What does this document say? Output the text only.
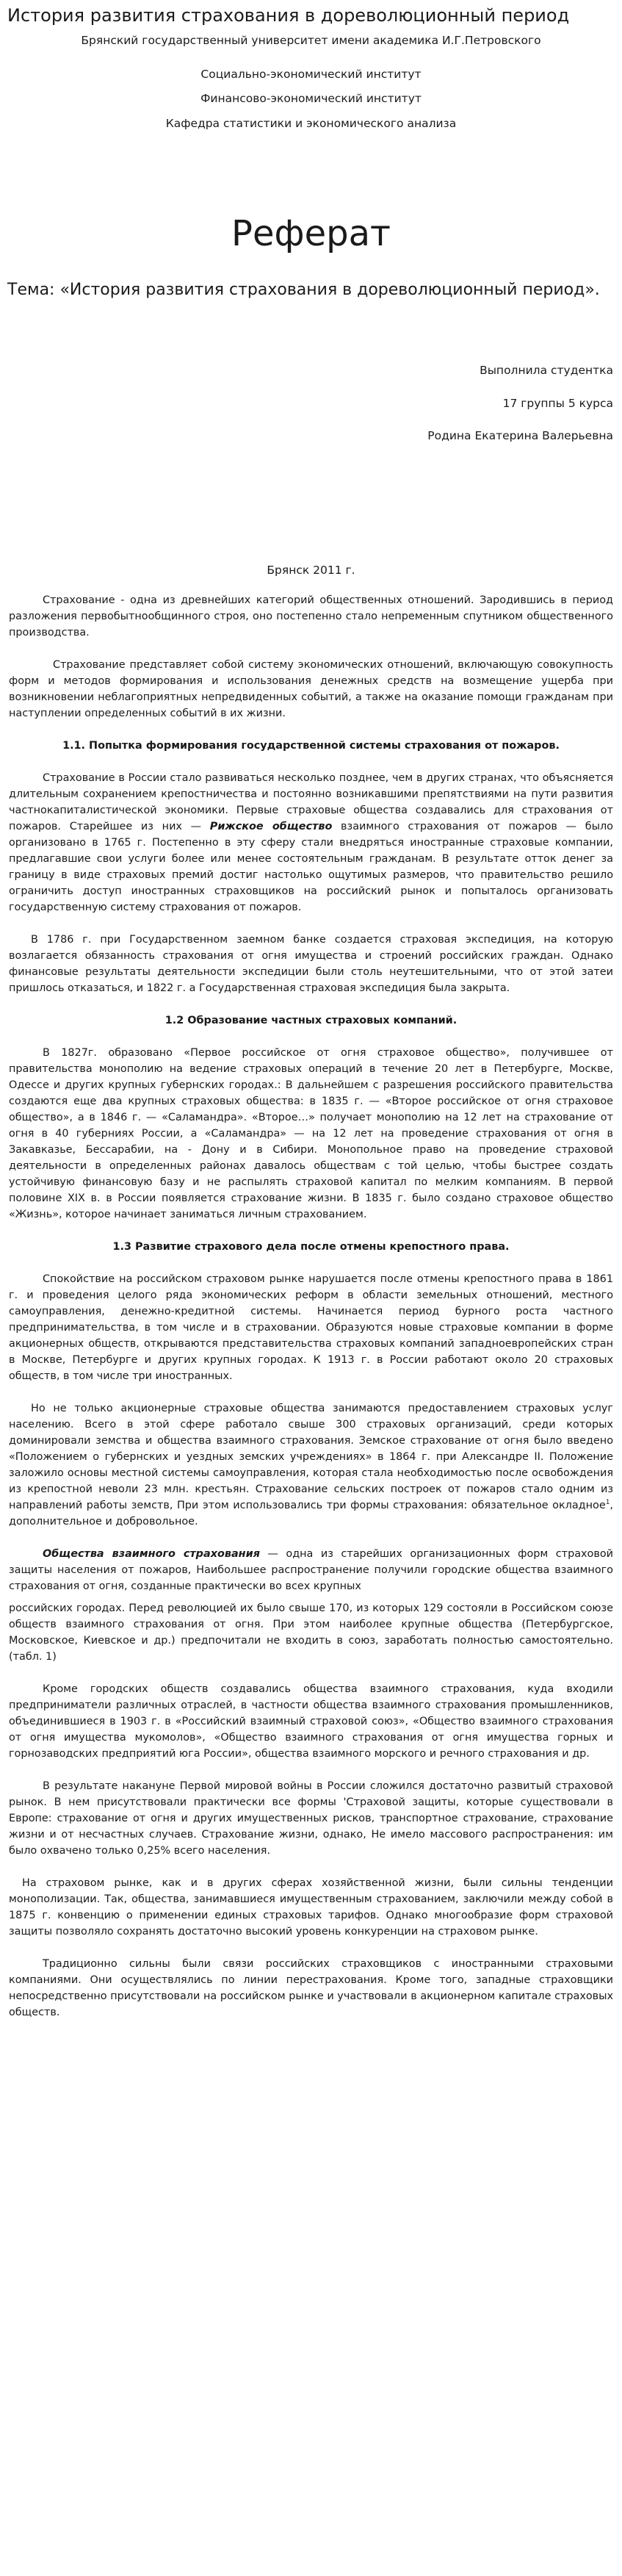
История развития страхования в дореволюционный период

Брянский государственный университет имени академика И.Г.Петровского

Социально-экономический институт

Финансово-экономический институт

Кафедра статистики и экономического анализа

Реферат

Тема: «История развития страхования в дореволюционный период».

Выполнила студентка

17 группы 5 курса

Родина Екатерина Валерьевна

Брянск 2011 г.

Страхование - одна из древнейших категорий общественных отношений. Зародившись в период разложения первобытнообщинного строя, оно постепенно стало непременным спутником общественного производства.

Страхование представляет собой систему экономических отношений, включающую совокупность форм и методов формирования и использования денежных средств на возмещение ущерба при возникновении неблагоприятных непредвиденных событий, а также на оказание помощи гражданам при наступлении определенных событий в их жизни.

1.1. Попытка формирования государственной системы страхования от пожаров.

Страхование в России стало развиваться несколько позднее, чем в других странах, что объясняется длительным сохранением крепостничества и постоянно возникавшими препятствиями на пути развития частнокапиталистической экономики. Первые страховые общества создавались для страхования от пожаров. Старейшее из них — Рижское общество взаимного страхования от пожаров — было организовано в 1765 г. Постепенно в эту сферу стали внедряться иностранные страховые компании, предлагавшие свои услуги более или менее состоятельным гражданам. В результате отток денег за границу в виде страховых премий достиг настолько ощутимых размеров, что правительство решило ограничить доступ иностранных страховщиков на российский рынок и попыталось организовать государственную систему страхования от пожаров.

В 1786 г. при Государственном заемном банке создается страховая экспедиция, на которую возлагается обязанность страхования от огня имущества и строений российских граждан. Однако финансовые результаты деятельности экспедиции были столь неутешительными, что от этой затеи пришлось отказаться, и 1822 г. а Государственная страховая экспедиция была закрыта.

1.2 Образование частных страховых компаний.

В 1827г. образовано «Первое российское от огня страховое общество», получившее от правительства монополию на ведение страховых операций в течение 20 лет в Петербурге, Москве, Одессе и других крупных губернских городах.: В дальнейшем с разрешения российского правительства создаются еще два крупных страховых общества: в 1835 г. — «Второе российское от огня страховое общество», а в 1846 г. — «Саламандра». «Второе…» получает монополию на 12 лет на страхование от огня в 40 губерниях России, а «Саламандра» — на 12 лет на проведение страхования от огня в Закавказье, Бессарабии, на - Дону и в Сибири. Монопольное право на проведение страховой деятельности в определенных районах давалось обществам с той целью, чтобы быстрее создать устойчивую финансовую базу и не распылять страховой капитал по мелким компаниям. В первой половине XIX в. в России появляется страхование жизни. В 1835 г. было создано страховое общество «Жизнь», которое начинает заниматься личным страхованием.

1.3 Развитие страхового дела после отмены крепостного права.

Спокойствие на российском страховом рынке нарушается после отмены крепостного права в 1861 г. и проведения целого ряда экономических реформ в области земельных отношений, местного самоуправления, денежно-кредитной системы. Начинается период бурного роста частного предпринимательства, в том числе и в страховании. Образуются новые страховые компании в форме акционерных обществ, открываются представительства страховых компаний западноевропейских стран в Москве, Петербурге и других крупных городах. К 1913 г. в России работают около 20 страховых обществ, в том числе три иностранных.

Но не только акционерные страховые общества занимаются предоставлением страховых услуг населению. Всего в этой сфере работало свыше 300 страховых организаций, среди которых доминировали земства и общества взаимного страхования. Земское страхование от огня было введено «Положением о губернских и уездных земских учреждениях» в 1864 г. при Александре II. Положение заложило основы местной системы самоуправления, которая стала необходимостью после освобождения из крепостной неволи 23 млн. крестьян. Страхование сельских построек от пожаров стало одним из направлений работы земств, При этом использовались три формы страхования: обязательное окладное$^1$, дополнительное и добровольное.

Общества взаимного страхования — одна из старейших организационных форм страховой защиты населения от пожаров, Наибольшее распространение получили городские общества взаимного страхования от огня, созданные практически во всех крупных

российских городах. Перед революцией их было свыше 170, из которых 129 состояли в Российском союзе обществ взаимного страхования от огня. При этом наиболее крупные общества (Петербургское, Московское, Киевское и др.) предпочитали не входить в союз, заработать полностью самостоятельно. (табл. 1)

Кроме городских обществ создавались общества взаимного страхования, куда входили предприниматели различных отраслей, в частности общества взаимного страхования промышленников, объединившиеся в 1903 г. в «Российский взаимный страховой союз», «Общество взаимного страхования от огня имущества мукомолов», «Общество взаимного страхования от огня имущества горных и горнозаводских предприятий юга России», общества взаимного морского и речного страхования и др.

В результате накануне Первой мировой войны в России сложился достаточно развитый страховой рынок. В нем присутствовали практически все формы 'Страховой защиты, которые существовали в Европе: страхование от огня и других имущественных рисков, транспортное страхование, страхование жизни и от несчастных случаев. Страхование жизни, однако, Не имело массового распространения: им было охвачено только 0,25% всего населения.

На страховом рынке, как и в других сферах хозяйственной жизни, были сильны тенденции монополизации. Так, общества, занимавшиеся имущественным страхованием, заключили между собой в 1875 г. конвенцию о применении единых страховых тарифов. Однако многообразие форм страховой защиты позволяло сохранять достаточно высокий уровень конкуренции на страховом рынке.

Традиционно сильны были связи российских страховщиков с иностранными страховыми компаниями. Они осуществлялись по линии перестрахования. Кроме того, западные страховщики непосредственно присутствовали на российском рынке и участвовали в акционерном капитале страховых обществ.
